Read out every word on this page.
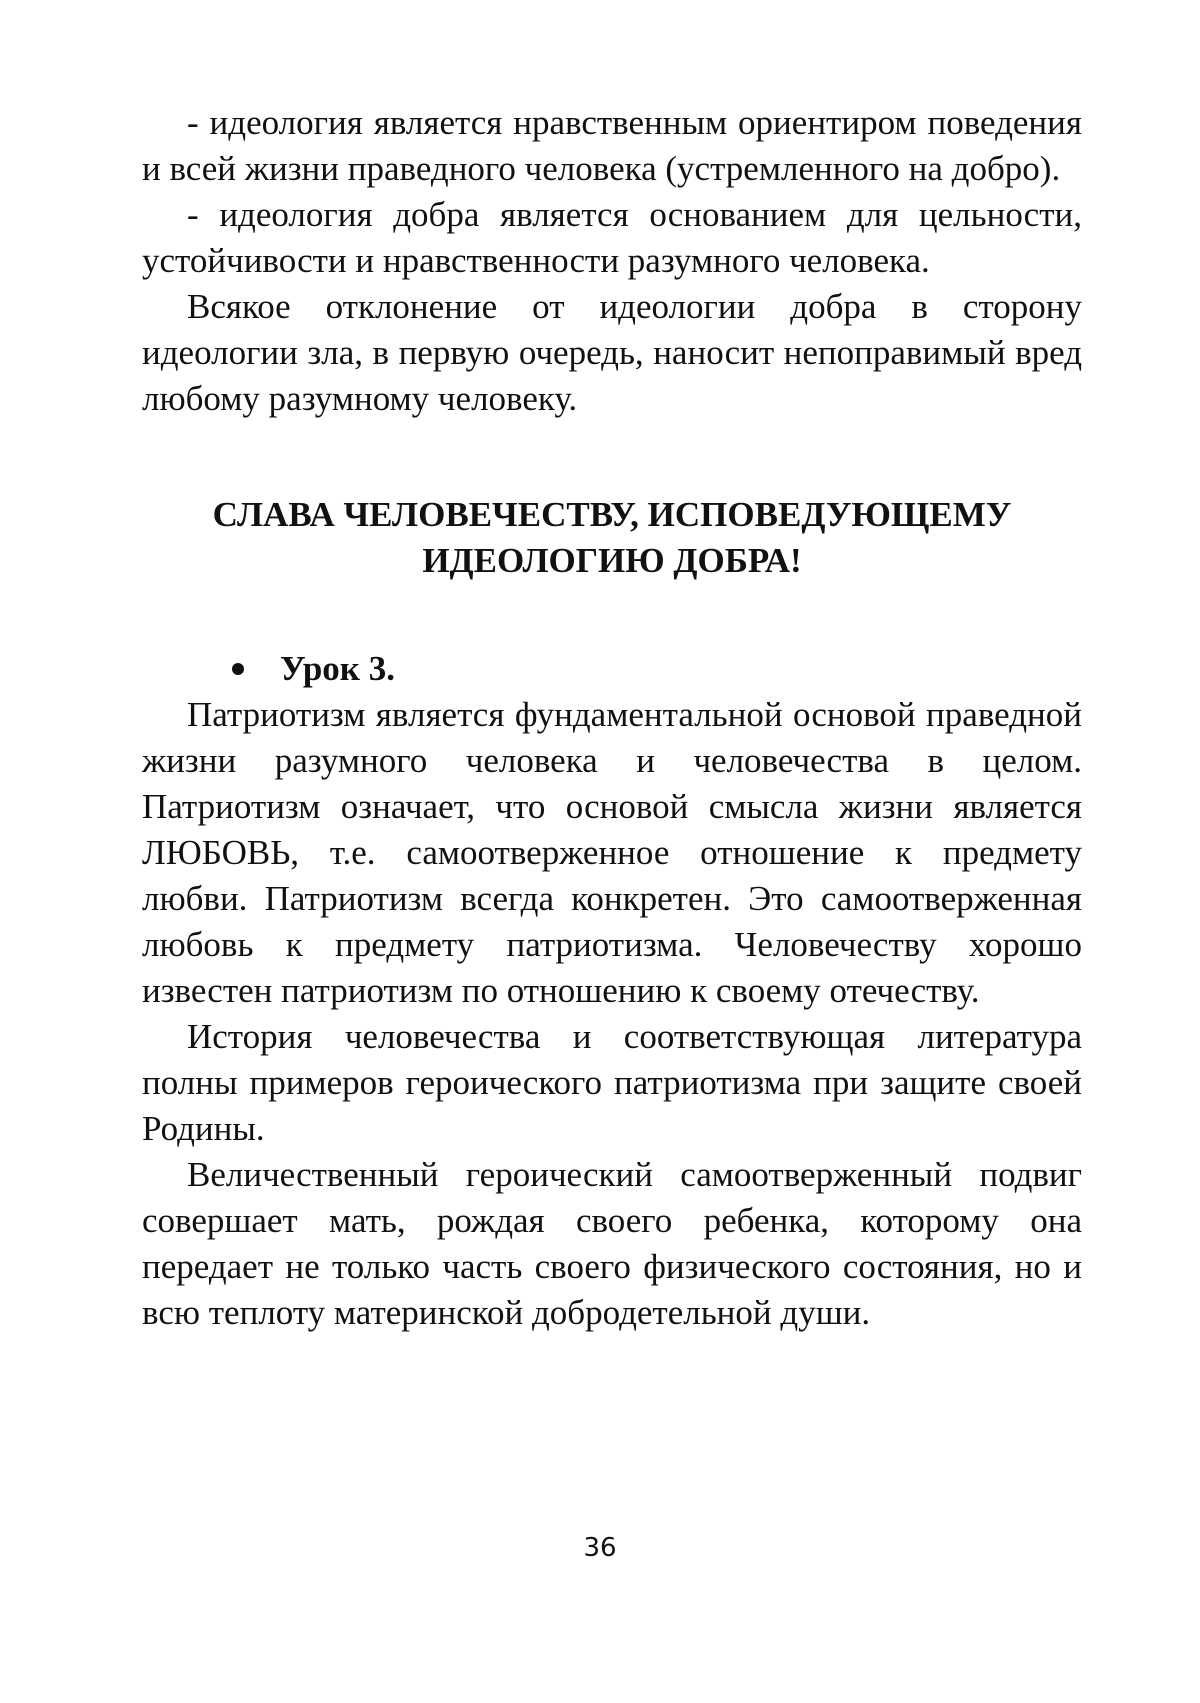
- идеология является нравственным ориентиром поведения и всей жизни праведного человека (устремленного на добро).

- идеология добра является основанием для цельности, устойчивости и нравственности разумного человека.

Всякое отклонение от идеологии добра в сторону идеологии зла, в первую очередь, наносит непоправимый вред любому разумному человеку.

СЛАВА ЧЕЛОВЕЧЕСТВУ, ИСПОВЕДУЮЩЕМУ
ИДЕОЛОГИЮ ДОБРА!
Урок 3.

Патриотизм является фундаментальной основой праведной жизни разумного человека и человечества в целом. Патриотизм означает, что основой смысла жизни является ЛЮБОВЬ, т.е. самоотверженное отношение к предмету любви. Патриотизм всегда конкретен. Это самоотверженная любовь к предмету патриотизма. Человечеству хорошо известен патриотизм по отношению к своему отечеству.

История человечества и соответствующая литература полны примеров героического патриотизма при защите своей Родины.

Величественный героический самоотверженный подвиг совершает мать, рождая своего ребенка, которому она передает не только часть своего физического состояния, но и всю теплоту материнской добродетельной души.

36
